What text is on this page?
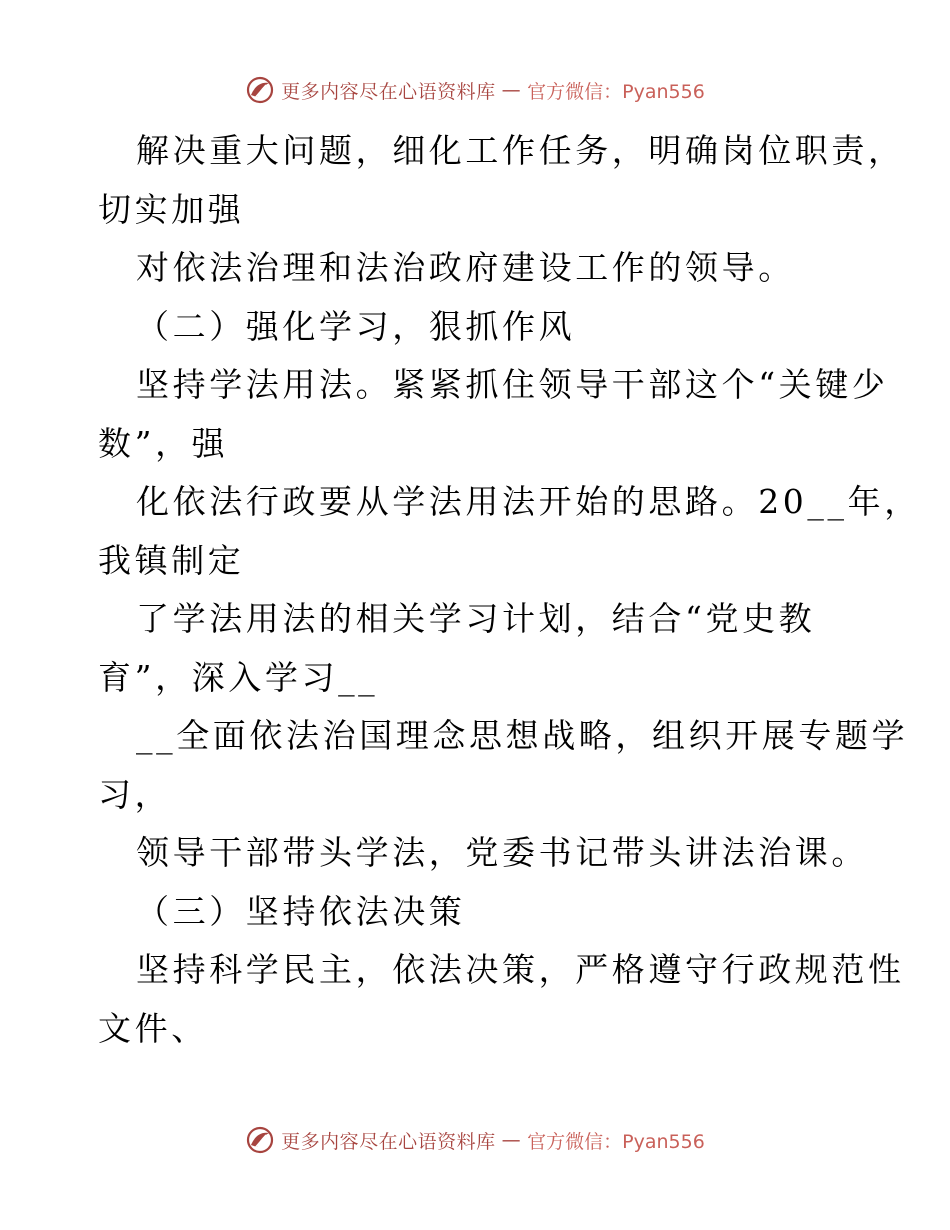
更多内容尽在心语资料库 — 官方微信：Pyan556
解决重大问题，细化工作任务，明确岗位职责，
切实加强
对依法治理和法治政府建设工作的领导。
（二）强化学习，狠抓作风
坚持学法用法。紧紧抓住领导干部这个“关键少
数”，强
化依法行政要从学法用法开始的思路。20__年，
我镇制定
了学法用法的相关学习计划，结合“党史教
育”，深入学习__
__全面依法治国理念思想战略，组织开展专题学
习，
领导干部带头学法，党委书记带头讲法治课。
（三）坚持依法决策
坚持科学民主，依法决策，严格遵守行政规范性
文件、
更多内容尽在心语资料库 — 官方微信：Pyan556
